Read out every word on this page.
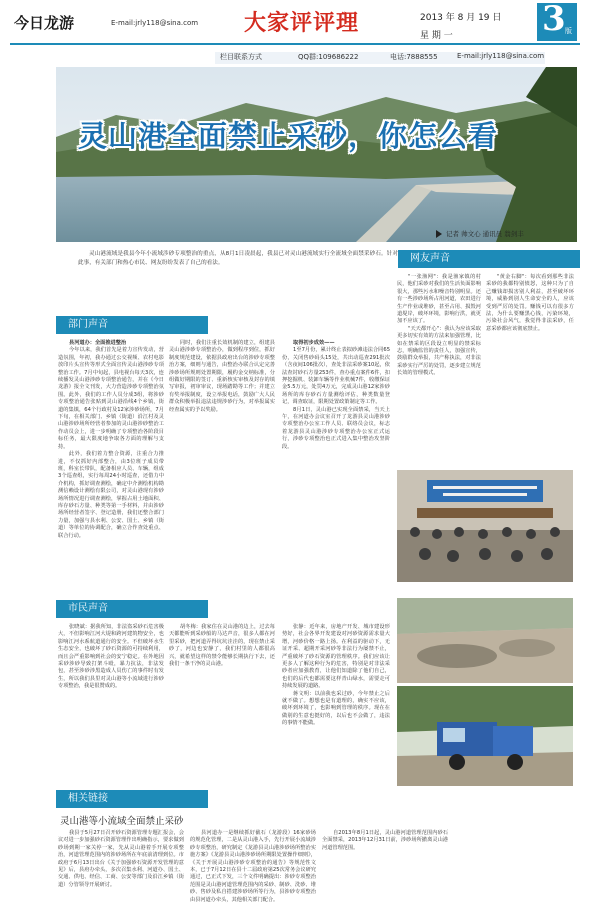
今日龙游	E-mail:jrly118@sina.com 大家评评理	2013 年 8 月 19 日
星 期 一	3 版
栏目联系方式	QQ群:109686222	电话:7888555	E-mail:jrly118@sina.com
灵山港全面禁止采砂，你怎么看
记者 帅文心 通讯员 翁剑丰

灵山港流域是我县今年小流域涉砂专项整治的重点，从8月1日凌晨起，我县已对灵山港流域实行全流域全面禁采砂石。针对此事，有关部门和热心市民、网友纷纷发表了自己的看法。	网友声音

"一张渔网"：我是渔家镇的村民，他们采砂对我们的生活负面影响很大，那些污水和噪音特别明显。还有一些涉砂场所占用河道，农田进行生产作业或堆砂，甚至占用、损毁河道堤岸，破坏环境，影响行洪，就更加不应该了。

"天天都开心"：我认为应该采取更多切实有效的方法来加强管理，比如在禁采的区段设立明显的禁采标志，明确监管的责任人，加强宣传，鼓励群众举报，共产称执法，对非法采砂实行严厉的处罚，逐步建立规范长效的管理模式。

"黄金右脚"：每次看到那些非法采砂的我都特别愤怒，这种只为了自己赚钱却损害别人利益，甚至破坏环境，威胁到别人生命安全的人，应该受到严厉的处罚。赚钱可以有很多方法，为什么要赚黑心钱，污染环境，污染社会风气，我觉得非法采砂，任意采砂都应该彻底禁止。

部门声音

县河道办：全面推进整治

今年以来，我们首先是着力宣传发动，营造氛围，年初，我办通过公交视频、农村电影放印片头宣传等形式全面宣传灵山港涉砂专项整治工作。7月中旬起，县电视台每天3次，连续播发灵山港涉砂专项整治通告，并在《今日龙游》报全文刊发，大力营造涉砂专项整治氛围。此外，我们的工作人员分成3组，将涉砂专项整治通告张贴到灵山港沿线4个乡镇，街道的集镇，64个行政村及12家涉砂场所，7月下旬，在相关部门、乡镇（街道）沿江村及灵山港涉砂场所经营者参加的灵山港涉砂整治工作动员会上，进一步明确了专项整治各阶段目标任务，最大限度地争取各方面的理解与支持。

此外，我们着力整合资源，注重合力推进，不仅抓好内部整合，由3位班子成员带班，科室长带队，配备相应人员、车辆，组成3个巡查组，实行每周24小时巡查，还借力中介机构，抓好调查测绘，确定中介测绘机构勘测信赖设计测绘有限公司，对灵山港现有涉砂场所情况进行调查测绘，掌握占用土地面积、库存砂石方量、种类等第一手材料，并由涉砂场所经营者签字、登记造册，我们还整合部门力量，加强与县水利、公安、国土、乡镇（街道）等单位的协调配合，确立合作查处重点、联合行动。

同时，我们注重长效机制的建立，组建县灵山港涉砂专项整治办，做到程序到位，抓好制度规范建设，依据县政府出台的涉砂专项整治方案，细则与通告，由整治办联合认定完善涉砂场所规则处置期限，履约金交纳标准，分组做好期限的签订、重新核实审核及封存的填写审报，初审审议，现场踏勘等工作；并建立有奖举报制度，设立举报电话，鼓励广大人民群众积极举报违法违规涉砂行为，对举报属实经查属实的予以奖励。

取得初步成效——

1至7月份，累计终止表拟砂滩违法合同65份，关闭售砂码头15处，共出动巡查291批次（含夜间106批次），查处非法采砂案10起，依法查封砂石方量253件，查办重点案件6件，扣押挖掘机、装卸车辆等作业机械7件，收缴保证金5.5万元，处罚4万元，完成灵山港12家涉砂场所的库存砂石方量测绘评估，种类数量登记，调查取证，限期处置政策制定等工作。

8月1日，灵山港已实现全面禁采，当天上午，在河道办会议室召开了龙游县灵山港涉砂专项整治办公室工作人员、联络员会议，标志着龙游县灵山港涉砂专项整治办公室正式运行，涉砂专项整治也正式进入集中整治攻坚阶段。

市民声音

张晓斌：据我所知，非法盗采砂石危害极大，不但影响江河大堤和跨河建筑物安全，也影响江河水系航道通行的安全。不但破坏水生生态安全，也破坏了砂石资源的可持续利用，而且会严重影响到社会的安宁稳定。在外地因采砂涉砂导致打架斗殴，暴力抗法，非法发包，甚至涉砂涉黑造成人员伤亡的事件时有发生，所以我们县里对灵山港等小流域进行涉砂专项整治，我是很赞成的。

胡冬梅：我家住在灵山港的边上，过去每天都能听到采砂船的马达声音，很多人都在河里采砂，把河道弄得坑坑洼洼的，现在禁止采砂了，河边也安静了，我们村里的人都很高兴，就希望这样的禁令能够长期执行下去，还我们一条干净的灵山港。

张静：近年来，房地产开发、城市建设形势好，社会各界开发建设对河砂资源需求量大增，河砂价格一路上扬。在利益的驱动下，无证开采、超期开采河砂等非法行为屡禁不止，严重破坏了砂石资源的管理秩序。我们应该让更多人了解这种行为的危害，特别是对非法采砂者应加强教育，让他们知道除了他们自己，也们的后代也都需要这样青山绿水，需要走可持续发展的道路。

蒋文明：以前我也采过砂，今年禁止之后就不做了。想想也是有道理的，确实不应该，破坏到环境了，也影响到管理的秩序。现在在做别的生意也挺好的，以后也不会做了，违法的事情不能做。

相关链接
灵山港等小流域全面禁止采砂

我县于5月27日召开砂石资源管理专题汇报会，会议对进一步加强砂石资源管理作出明确指示，要求做到砂场到期一家关停一家，先从灵山港着手开展专项整治，河道管理范围内的涉砂场所在年底前清理到位。市政府于6月13日出台《关于加强砂石资源开发管理的意见》后，县府办牵头，多次召集水利、河道办、国土、交通、供电、经信、工商、公安等部门及沿江乡镇（街道）分管领导开展研讨。

县河道办一是继续抓好截石（龙游段）16家砂场的规范化管理，二是从灵山港入手，先行开展小流域涉砂专项整治，研究制定《龙游县灵山港涉砂场所整治实施方案》《龙游县灵山港涉砂场所期限处置操作细则》，《关于开展灵山港涉砂专项整治的通告》等规范性文本，已于7月12日在县十二届政府第25次常务会议研究通过，已正式下发，三个文件明确提出：涉砂专项整治范围是灵山港河道管理范围内的采砂、制砂、洗砂、堆砂、售砂及私自搭建涉砂场所等行为，县涉砂专项整治由县河道办牵头，其他相关部门配合。

自2013年8月1日起，灵山港河道管理范围内砂石全面禁采，2013年12月31日前，涉砂场所撤离灵山港河道管理范围。
